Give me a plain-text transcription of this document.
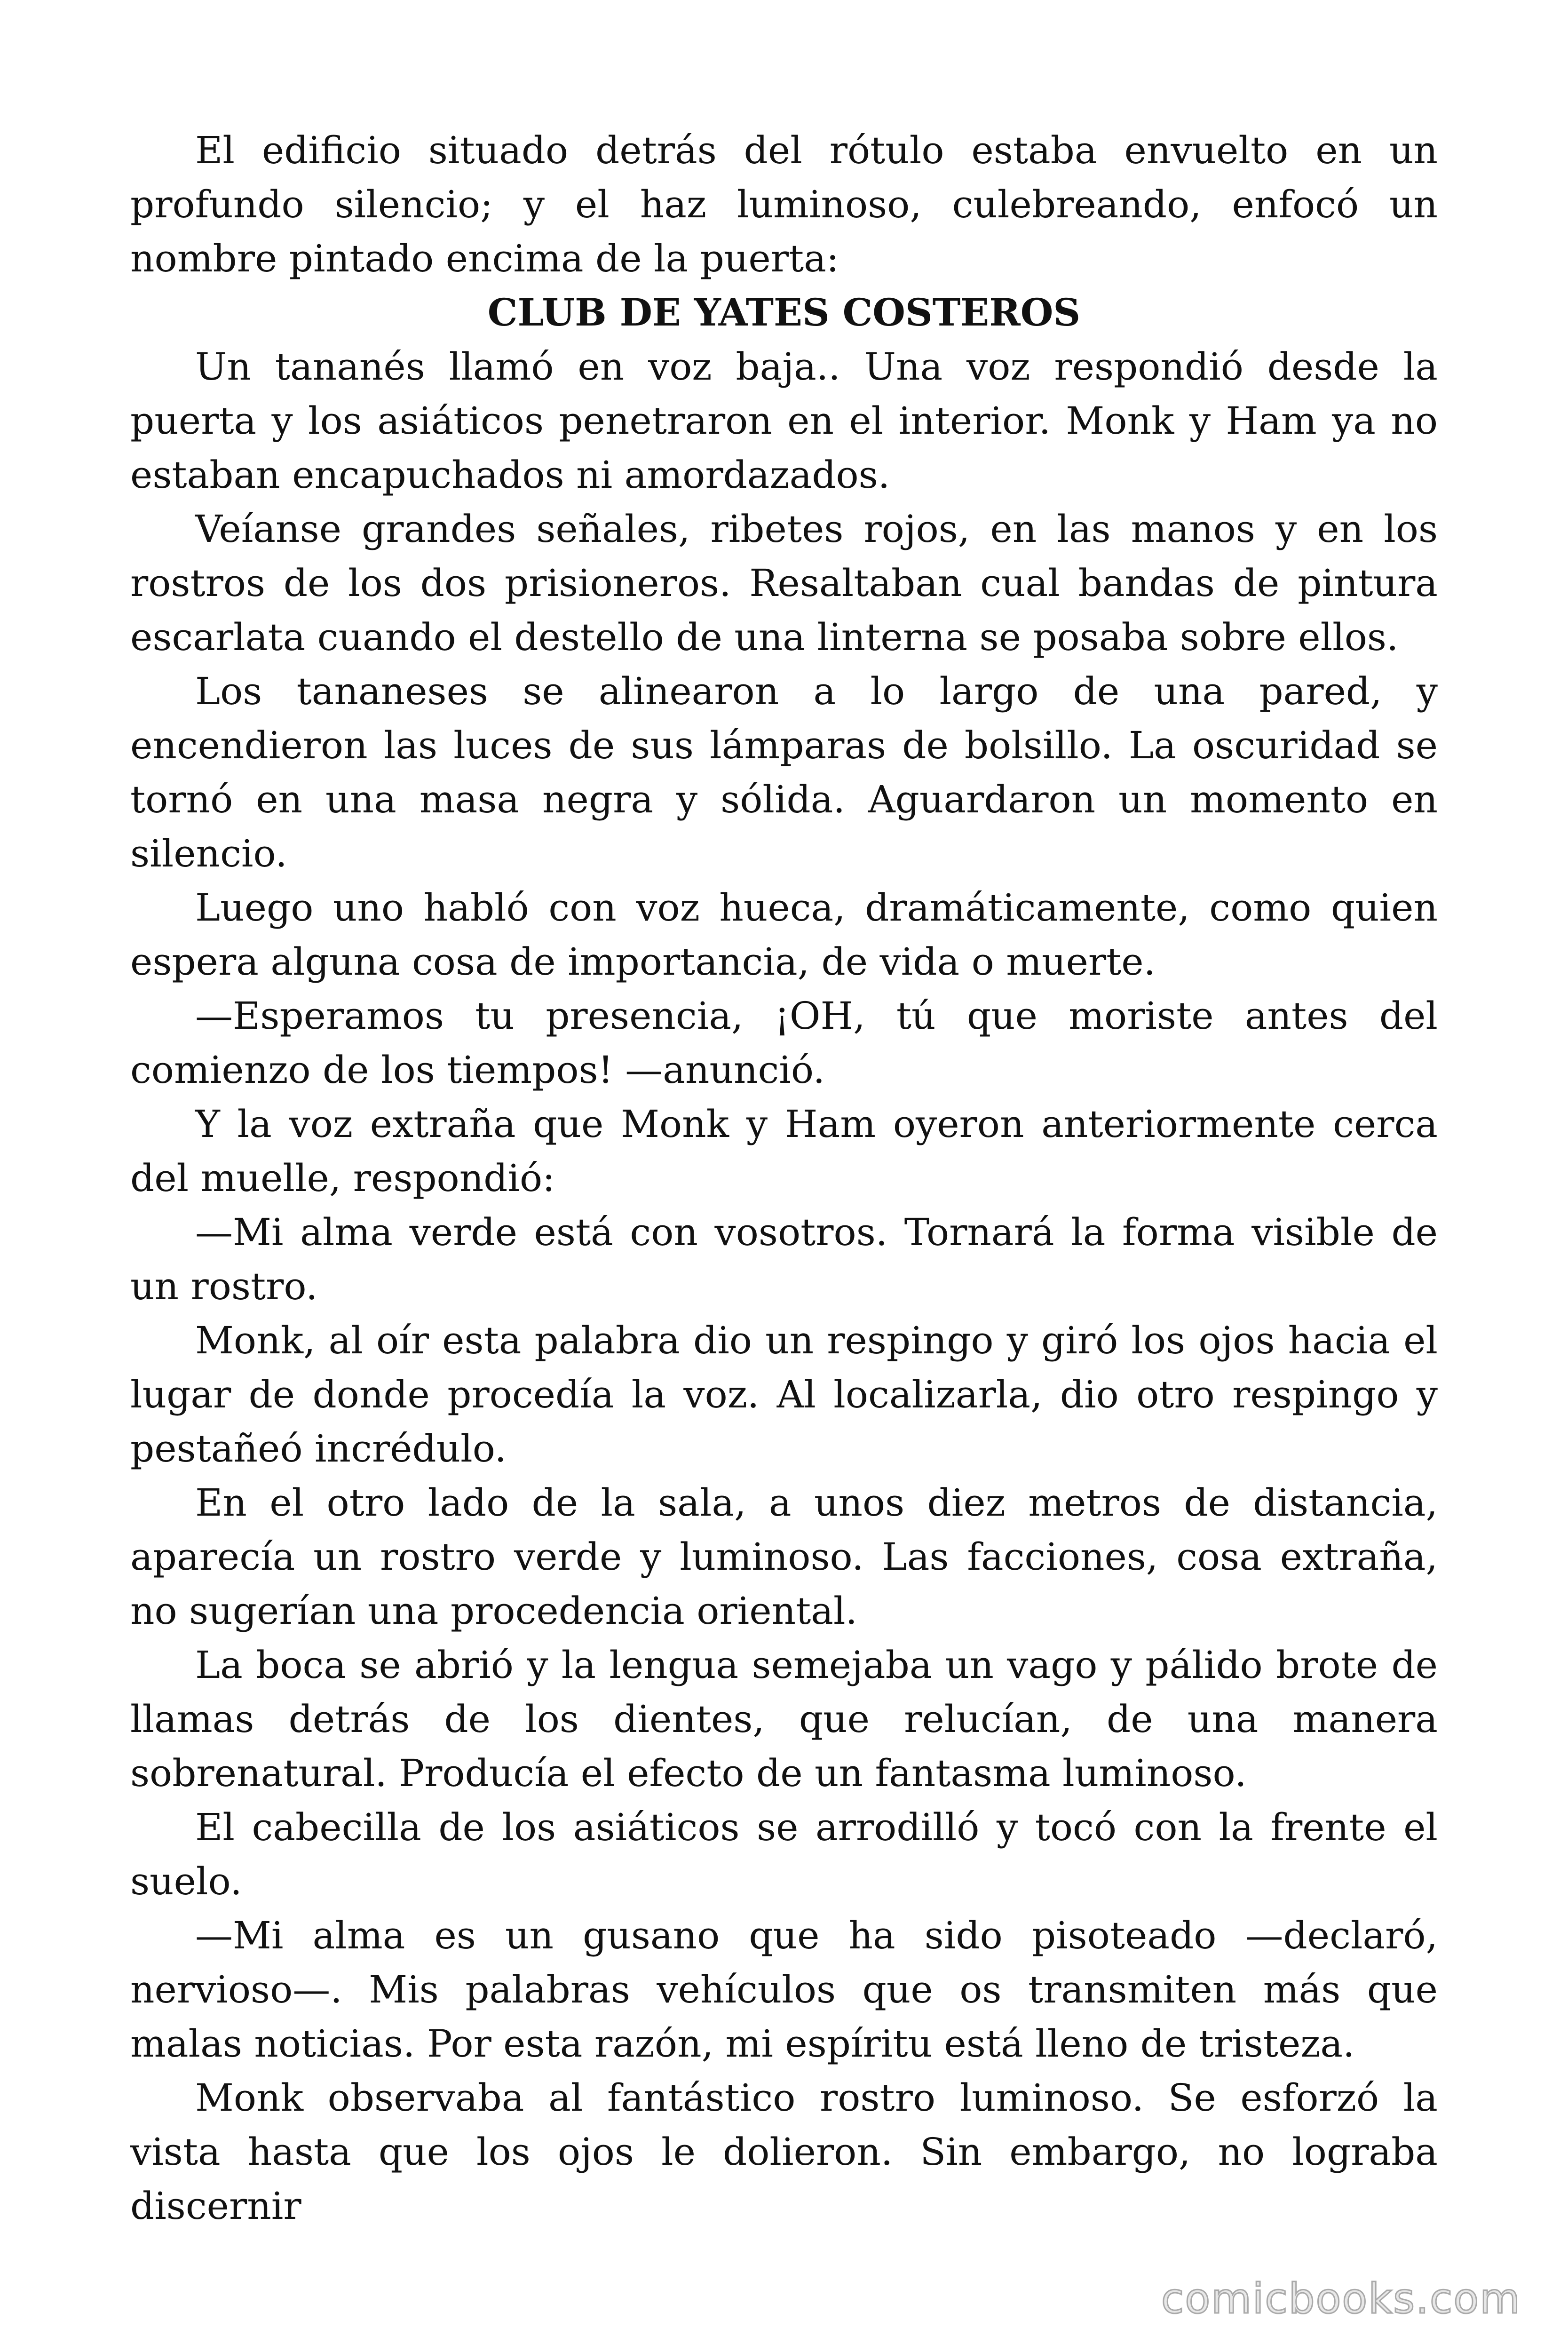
El edificio situado detrás del rótulo estaba envuelto en un profundo silencio; y el haz luminoso, culebreando, enfocó un nombre pintado encima de la puerta:

CLUB DE YATES COSTEROS

Un tananés llamó en voz baja.. Una voz respondió desde la puerta y los asiáticos penetraron en el interior. Monk y Ham ya no estaban encapuchados ni amordazados.

Veíanse grandes señales, ribetes rojos, en las manos y en los rostros de los dos prisioneros. Resaltaban cual bandas de pintura escarlata cuando el destello de una linterna se posaba sobre ellos.

Los tananeses se alinearon a lo largo de una pared, y encendieron las luces de sus lámparas de bolsillo. La oscuridad se tornó en una masa negra y sólida. Aguardaron un momento en silencio.

Luego uno habló con voz hueca, dramáticamente, como quien espera alguna cosa de importancia, de vida o muerte.

—Esperamos tu presencia, ¡OH, tú que moriste antes del comienzo de los tiempos! —anunció.

Y la voz extraña que Monk y Ham oyeron anteriormente cerca del muelle, respondió:

—Mi alma verde está con vosotros. Tornará la forma visible de un rostro.

Monk, al oír esta palabra dio un respingo y giró los ojos hacia el lugar de donde procedía la voz. Al localizarla, dio otro respingo y pestañeó incrédulo.

En el otro lado de la sala, a unos diez metros de distancia, aparecía un rostro verde y luminoso. Las facciones, cosa extraña, no sugerían una procedencia oriental.

La boca se abrió y la lengua semejaba un vago y pálido brote de llamas detrás de los dientes, que relucían, de una manera sobrenatural. Producía el efecto de un fantasma luminoso.

El cabecilla de los asiáticos se arrodilló y tocó con la frente el suelo.

—Mi alma es un gusano que ha sido pisoteado —declaró, nervioso—. Mis palabras vehículos que os transmiten más que malas noticias. Por esta razón, mi espíritu está lleno de tristeza.

Monk observaba al fantástico rostro luminoso. Se esforzó la vista hasta que los ojos le dolieron. Sin embargo, no lograba discernir

comicbooks.com
